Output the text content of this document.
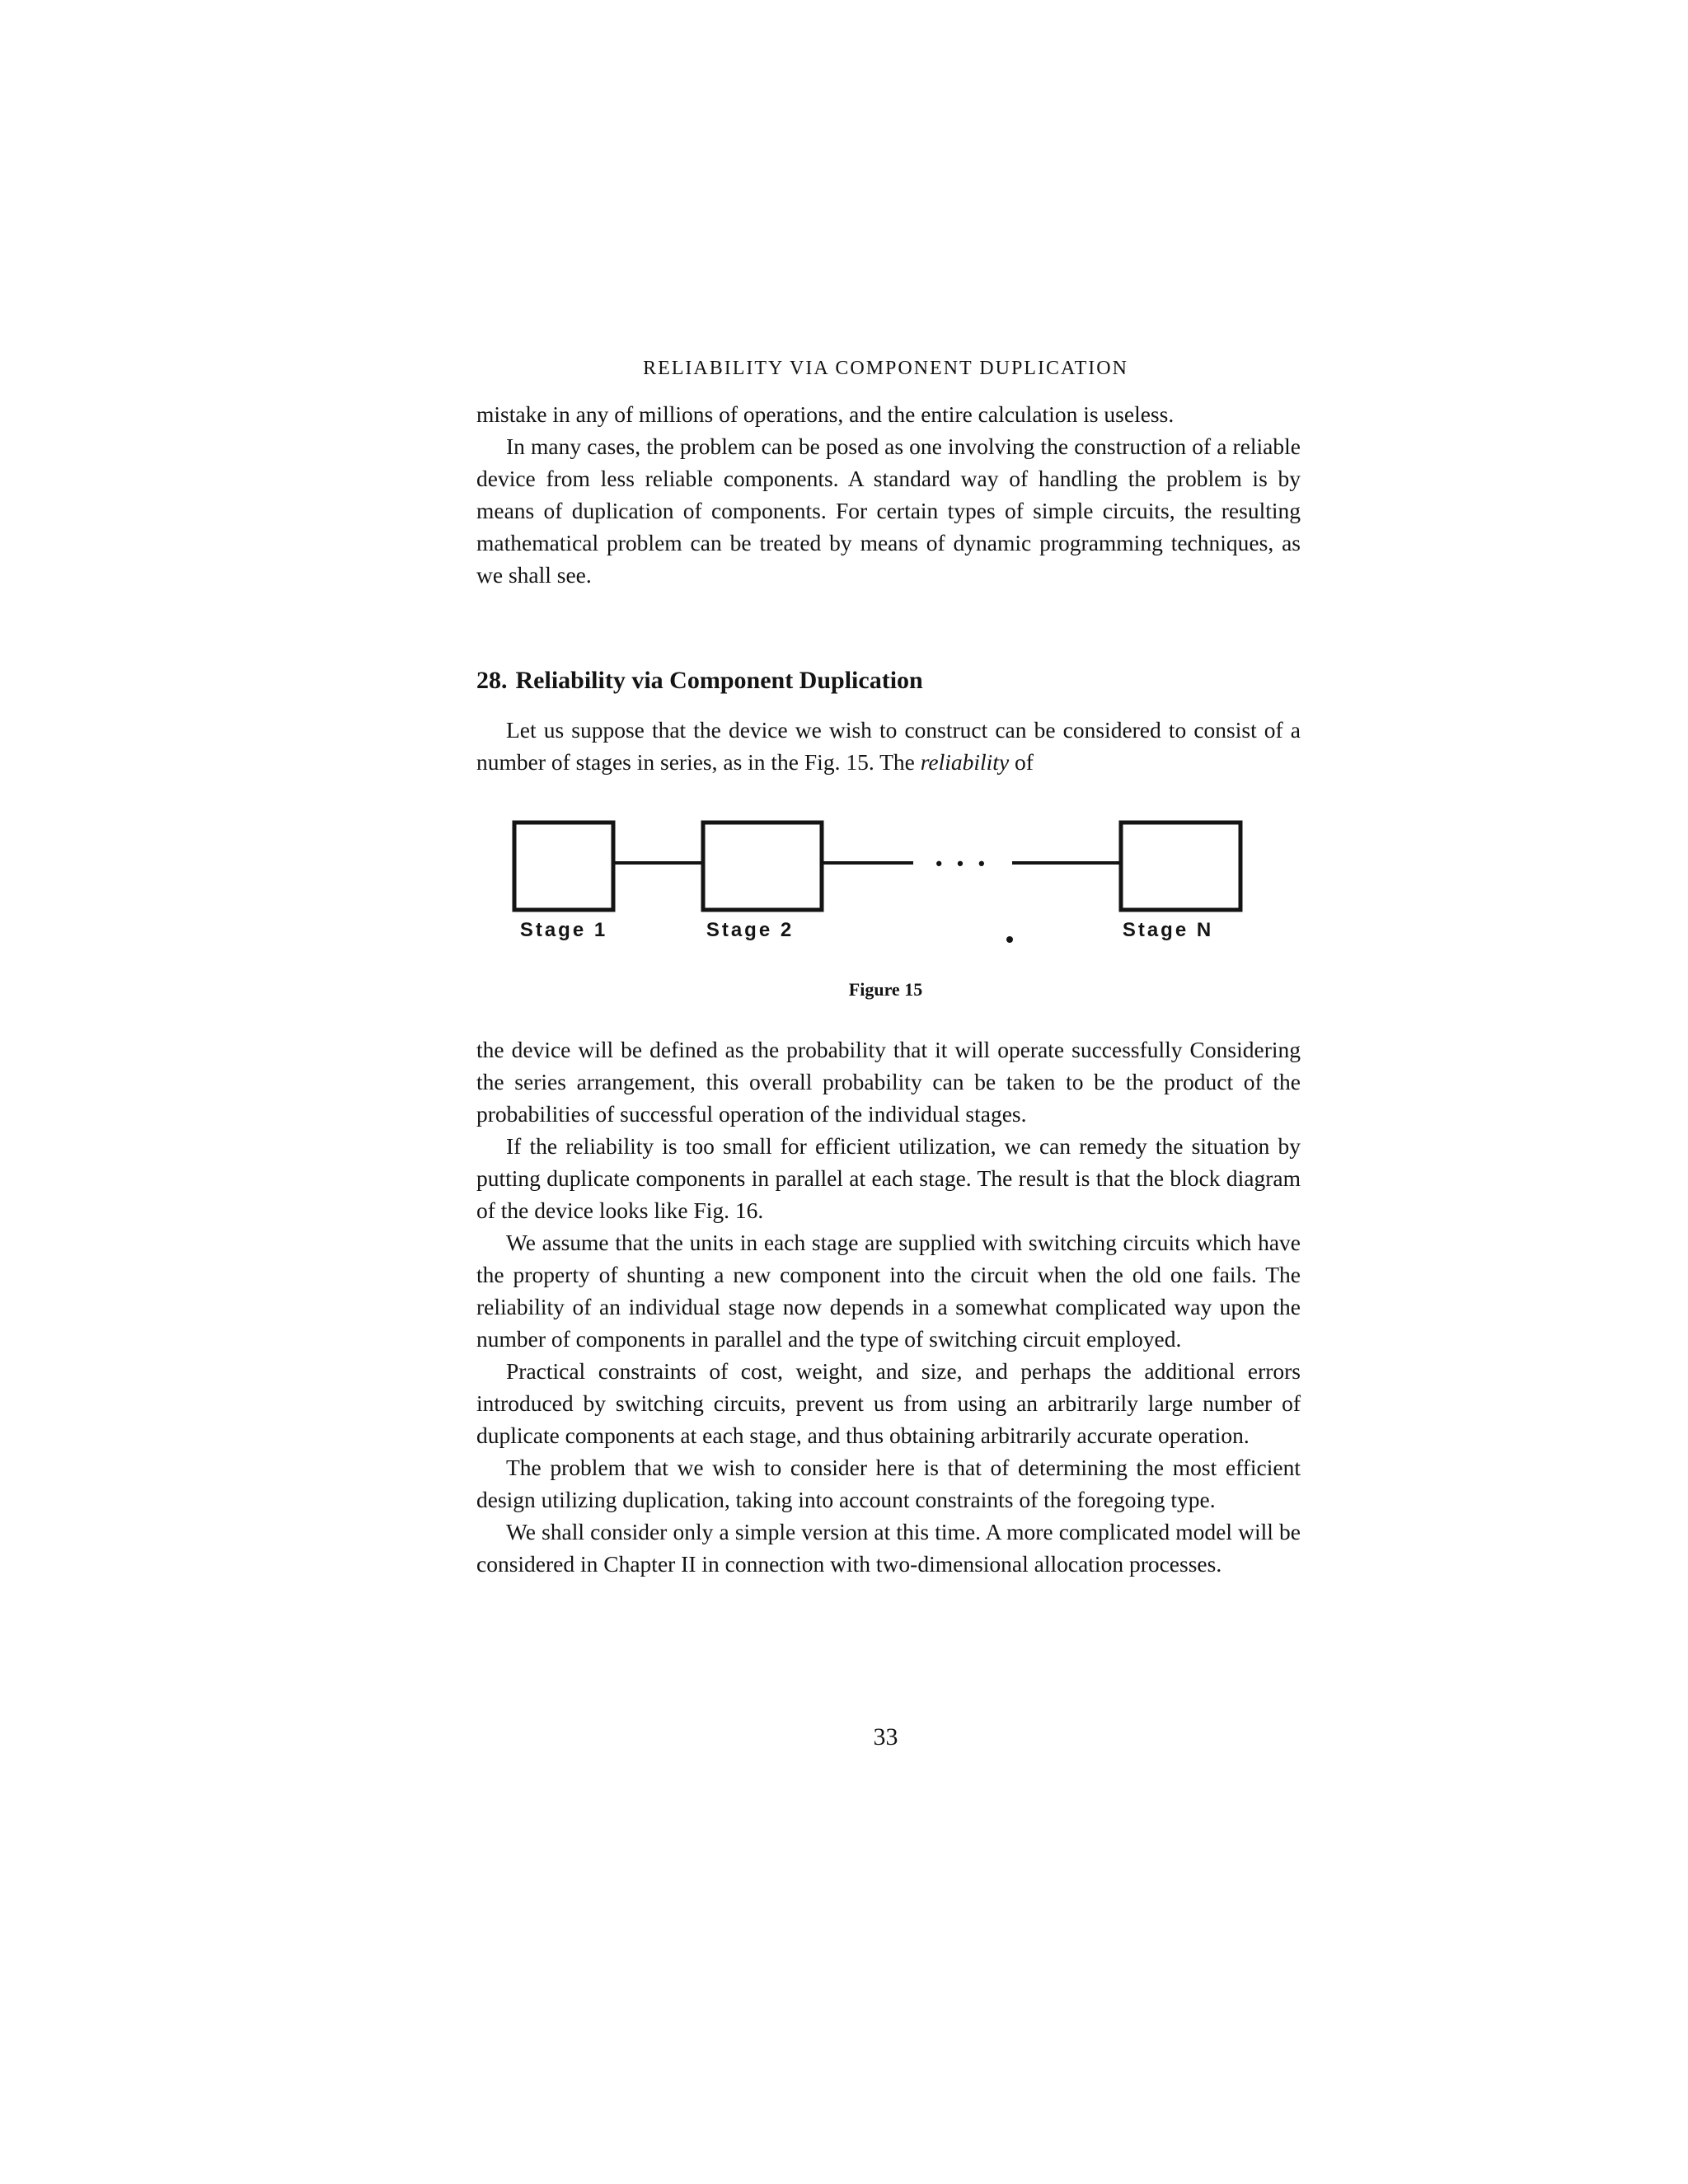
RELIABILITY VIA COMPONENT DUPLICATION

mistake in any of millions of operations, and the entire calculation is useless.

In many cases, the problem can be posed as one involving the construction of a reliable device from less reliable components. A standard way of handling the problem is by means of duplication of components. For certain types of simple circuits, the resulting mathematical problem can be treated by means of dynamic programming techniques, as we shall see.

28. Reliability via Component Duplication

Let us suppose that the device we wish to construct can be considered to consist of a number of stages in series, as in the Fig. 15. The reliability of

• • •
Stage 1	Stage 2	Stage N
Figure 15

the device will be defined as the probability that it will operate successfully Considering the series arrangement, this overall probability can be taken to be the product of the probabilities of successful operation of the individual stages.

If the reliability is too small for efficient utilization, we can remedy the situation by putting duplicate components in parallel at each stage. The result is that the block diagram of the device looks like Fig. 16.

We assume that the units in each stage are supplied with switching circuits which have the property of shunting a new component into the circuit when the old one fails. The reliability of an individual stage now depends in a somewhat complicated way upon the number of components in parallel and the type of switching circuit employed.

Practical constraints of cost, weight, and size, and perhaps the additional errors introduced by switching circuits, prevent us from using an arbitrarily large number of duplicate components at each stage, and thus obtaining arbitrarily accurate operation.

The problem that we wish to consider here is that of determining the most efficient design utilizing duplication, taking into account constraints of the foregoing type.

We shall consider only a simple version at this time. A more complicated model will be considered in Chapter II in connection with two-dimensional allocation processes.

33
